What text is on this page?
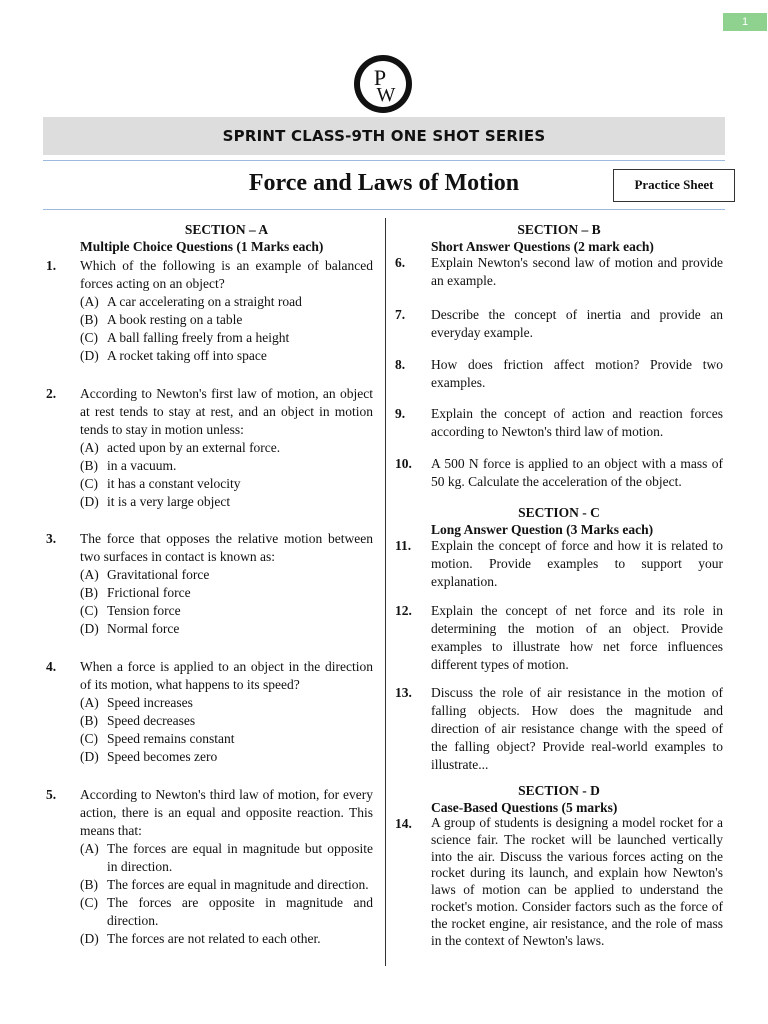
1
P
W
SPRINT CLASS-9TH ONE SHOT SERIES
Force and Laws of Motion	Practice Sheet
SECTION – A
Multiple Choice Questions (1 Marks each)
1. Which of the following is an example of balanced forces acting on an object?
(A) A car accelerating on a straight road
(B) A book resting on a table
(C) A ball falling freely from a height
(D) A rocket taking off into space
2. According to Newton's first law of motion, an object at rest tends to stay at rest, and an object in motion tends to stay in motion unless:
(A) acted upon by an external force.
(B) in a vacuum.
(C) it has a constant velocity
(D) it is a very large object
3. The force that opposes the relative motion between two surfaces in contact is known as:
(A) Gravitational force
(B) Frictional force
(C) Tension force
(D) Normal force
4. When a force is applied to an object in the direction of its motion, what happens to its speed?
(A) Speed increases
(B) Speed decreases
(C) Speed remains constant
(D) Speed becomes zero
5. According to Newton's third law of motion, for every action, there is an equal and opposite reaction. This means that:
(A) The forces are equal in magnitude but opposite in direction.
(B) The forces are equal in magnitude and direction.
(C) The forces are opposite in magnitude and direction.
(D) The forces are not related to each other.
SECTION – B
Short Answer Questions (2 mark each)
6. Explain Newton's second law of motion and provide an example.
7. Describe the concept of inertia and provide an everyday example.
8. How does friction affect motion? Provide two examples.
9. Explain the concept of action and reaction forces according to Newton's third law of motion.
10. A 500 N force is applied to an object with a mass of 50 kg. Calculate the acceleration of the object.
SECTION - C
Long Answer Question (3 Marks each)
11. Explain the concept of force and how it is related to motion. Provide examples to support your explanation.
12. Explain the concept of net force and its role in determining the motion of an object. Provide examples to illustrate how net force influences different types of motion.
13. Discuss the role of air resistance in the motion of falling objects. How does the magnitude and direction of air resistance change with the speed of the falling object? Provide real-world examples to illustrate...
SECTION - D
Case-Based Questions (5 marks)
14. A group of students is designing a model rocket for a science fair. The rocket will be launched vertically into the air. Discuss the various forces acting on the rocket during its launch, and explain how Newton's laws of motion can be applied to understand the rocket's motion. Consider factors such as the force of the rocket engine, air resistance, and the role of mass in the context of Newton's laws.
